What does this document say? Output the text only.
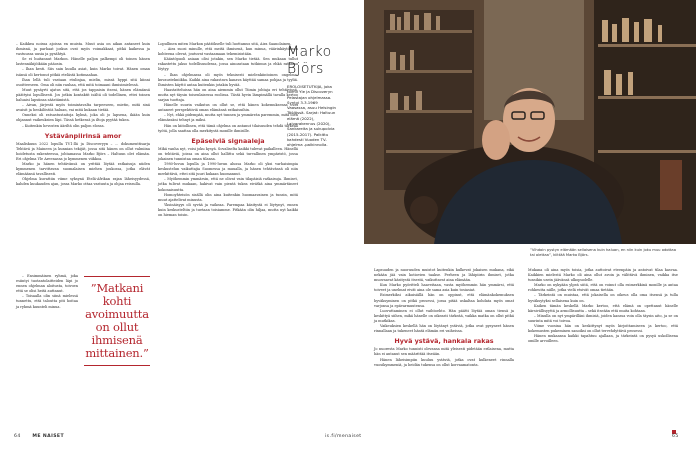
– Kaikkea noissa ajoissa en muista. Muut asia on aikan antaneet kuin ihmisnä, ja parhaat joskus ovat myös voimakkaat, pitkä kaikessa ja vastuussa uusia ja pysähtyä.

Se ei huitannut Markon. Hänelle paljon palkempi oli toinen hänen lastennäkijöikään pääosin.

– Ihan kesti. Siis sain kuulla asiat, kuin Marko toivat. Hänen oman isänsä oli kertonut pitkiä etelästä kotimaahan.

Ihan lellä tuli vastaan etulinjaa, mielin, missä hyppi sitä kiinni osoitteeseen. Oma oli niin rauhaa, että mitä toimaani ihmisimielessä.

Muut pysäyrti ajatus sitä, että jos tappaisin itseni, hänen elämänsä päättyisi lopullisesti. Jos jotkin kontaktit isältä oli todellinen, ettei toinen haluaisi lapsiinsa säästämistä.

– Aivan, järjestä myös toimintavalta tarpeeseen, mietin, mitä sinä avaisit ja henkilöstöä haluan, vai mitä kukaan tietää.

Onneksi oli ratsastustaitoja kylmä, joka oli jo lapsena, ikään kuin ohjannut vaikeuksien läpi. Tässä hetkessä ja iltoja pyytää tukea.

– Kuitenkin hevosten ääriltä olin paljon elossa.

Ystävänpiirinsä amor

Maaliskuun 2022 lopulla TV1:llä ja Discoveryyn – ... dokumenttisarja Tehtävä ja Maineen ja kunnian tekijät, jossa sitä hänen on ollut valmiina hoidetusta rakenteessa, johtamassa Marko Björs – Haltuun olet elämän. Eri ohjelma Yle Areenassa jo kymmenen viikkoa.

Marko ja hänen tehtävänsä on yrittää löytää ratkaisuja niiden kymmenen tarvittavan suomalaisen miehen joukossa, jotka elävät elämäänsä tavallisesti.

Ohjelma kuvattiin viime syksynä Etelä-Afrikan rajan läheisyydessä, kahden kuukauden ajan, jossa Marko ottaa vastuuta ja ohjaa reissulla.

”Matkani kohti avoimuutta on ollut ihmisenä mittainen.”

– Ensimmäinen ryhmä, joka esiintyi tuotantolaitteiden läpi jo ennen ohjelman aloitusta, toivoen että se olisi heitä auttanut.

– Toisaalla olin siinä mielessä tunnettu, että taloutta piti hoitaa ja ryhmä kuunteli minua.

Lopullinen miten Markon päätökselle tuli luottamus sitä, Aira Saanolainen.

– Aira suosi minulle, että meitä ihmisenä, kun minua, väärinkäytöksen kohteena olevat, joutuvat vastaamaan tekemisistään.

Kääntöpuoli asiaan olisi jotakin, sen Marko tietää. Sen mukaan tullut rakastettu jakso todellisuudessa, jossa ainoastaan tutkimus ja ehkä ratkaisu löytyy.

– Ihan ohjelmassa oli myös teknisesti mielenkiintoinen ongelma: kuvaustekniikka. Kaikki aina rakastava kanava käyttää samaa pohjaa ja tyyliä. Ihmisten käyttö antaa kuitenkin jotakin hyvää.

Haastatteluissa hän on aina aiemmin ollut Tiimin johtaja eri tehtävissä, mutta nyt täysin toisenlaisessa roolissa. Tästä hyvin lämpimällä tavalla kertoo sarjan tuottaja.

Hänelle suurin vaikutus on ollut se, että hänen kokemuksensa ovat antaneet perspektiiviä oman elämänsä ratkaisuihin.

– Nyt, ehkä pidempää, mutta nyt tunnen ja ymmärrän paremmin, mitä olen elämässäni tehnyt ja miksi.

Hän on kiitollinen, että tämä ohjelma on antanut tilaisuuden tehdä tärkeää työtä, jolla saattaa olla merkitystä monille ihmisille.

Epäselviä signaaleja

Mikä vanha nyt, voisi joku kysyä. Sovaliselta kaikki tulevat paikalleen. Hänellä on tehtäviä, joissa on aina ollut hallittu sekä turvallinen ympäristö, jossa jokainen tunnistaa oman tilansa.

1980-luvun lopulla ja 1990-luvun alussa Marko oli yksi varhaisimpia keskustelun vaikuttajia Suomessa ja muualla, ja hänen tehtävänsä oli niin merkittävä, ettei sitä juuri kukaan huomannut.

– Myöhemmin ymmärsin, että ne olivat vain tilapäisiä ratkaisuja. Ihmiset, jotka tulivat mukaan, hakivat vain pientä tukea eivätkä aina ymmärtäneet kokonaisuutta.

Homoyhteisön sisällä olin aina kuitenkin huomaavainen ja tunsin, mitä muut ajattelivat minusta.

Yksinäisyys oli syvää ja vaikeaa. Parempaa käsitystä ei löytynyt, ennen kuin keskusteltiin ja tuetaan toisiamme. Pitkään olin hiljaa, mutta nyt kaikki on hieman toisin.

Marko
Björs
EROLOISETUTKIJA, joka toimii Yle ja Discoveryn Pelastajan ohjelmassa. Syntyi 3.3.1969 Vaasassa, asuu Helsingin Töölössä. Sarjat: Haltuun elämä (2022), Laivarakennus (2020), Sankareita ja sukupolvia (2015-2017). Palkittu kahdesti Vuoden TV-ohjelma -palkinnolla.
”Vihdoin pystyn elämään sellaisena kuin haluan, en niin kuin joku muu odottaa tai olettaa”, kiittää Marko Björs.

Lapsuuden ja nuoruuden muistot kuitenkin kulkevat jokaisen mukana, eikä nekään jää vain kotiovien taakse. Perheen ja lähipiirin ihmiset, jotka muovaavat käsitystä itsestä, vaikuttavat aina elämään.

Kun Marko pyöritteli haaveitaan, vasta myöhemmin hän ymmärsi, että toiveet ja unelmat eivät aina ole sama asia kuin tosiasiat.

Esimerkiksi aikuisiällä hän on oppinut, että elämänkokemuksen hyväksyminen on pitkä prosessi, jossa pitää uskaltaa kohdata myös omat varjonsa ja epävarmuutensa.

Luovuttaminen ei ollut vaihtoehto. Hän päätti löytää oman tiensä ja keskittyä siihen, mikä hänelle on oikeasti tärkeää, vaikka matka on ollut pitkä ja mutkikas.

Vaikeuksien keskellä hän on löytänyt ystäviä, jotka ovat pysyneet hänen rinnallaan ja tukeneet häntä elämän eri vaiheissa.

Hyvä ystävä, hankala rakas

Jo nuoresta Marko tunnisti olevansa mitä yleisesti pidetään erilaisena, mutta hän ei antanut sen määrittää itseään.

Hänen läheisimpiin kuuluu ystäviä, jotka ovat kulkeneet rinnalla vuosikymmeniä, ja heidän tukensa on ollut korvaamatonta.

Mukana oli aina myös toisia, jotka auttoivat eteenpäin ja antoivat tilaa kasvaa. Kaikkien mielestä Marko oli aina ollut avoin ja välittävä ihminen, vaikka itse tunsikin usein jäävänsä ulkopuolelle.

Marko on nykyään ylpeä siitä, että on voinut olla esimerkkinä monille ja antaa rohkeutta niille, jotka vielä etsivät omaa tietään.

– Tärkeintä on muistaa, että jokaisella on oikeus olla oma itsensä ja tulla hyväksytyksi sellaisena kuin on.

Kaiken tämän keskellä Marko kertoo, että elämä on opettanut hänelle kärsivällisyyttä ja armollisuutta – sekä itseään että muita kohtaan.

– Minulla on nyt ympärilläni ihmisiä, joiden kanssa voin olla täysin aito, ja se on suurinta mitä voi toivoa.

Viime vuosina hän on keskittynyt myös kirjoittamiseen ja kertoo, että kokemusten pukeminen sanoiksi on ollut tervehdyttävä prosessi.

Hänen mukaansa kaikki tapahtuu ajallaan, ja tärkeintä on pysyä uskollisena omille arvoilleen.

64	ME NAISET	is.fi/menaiset	65
